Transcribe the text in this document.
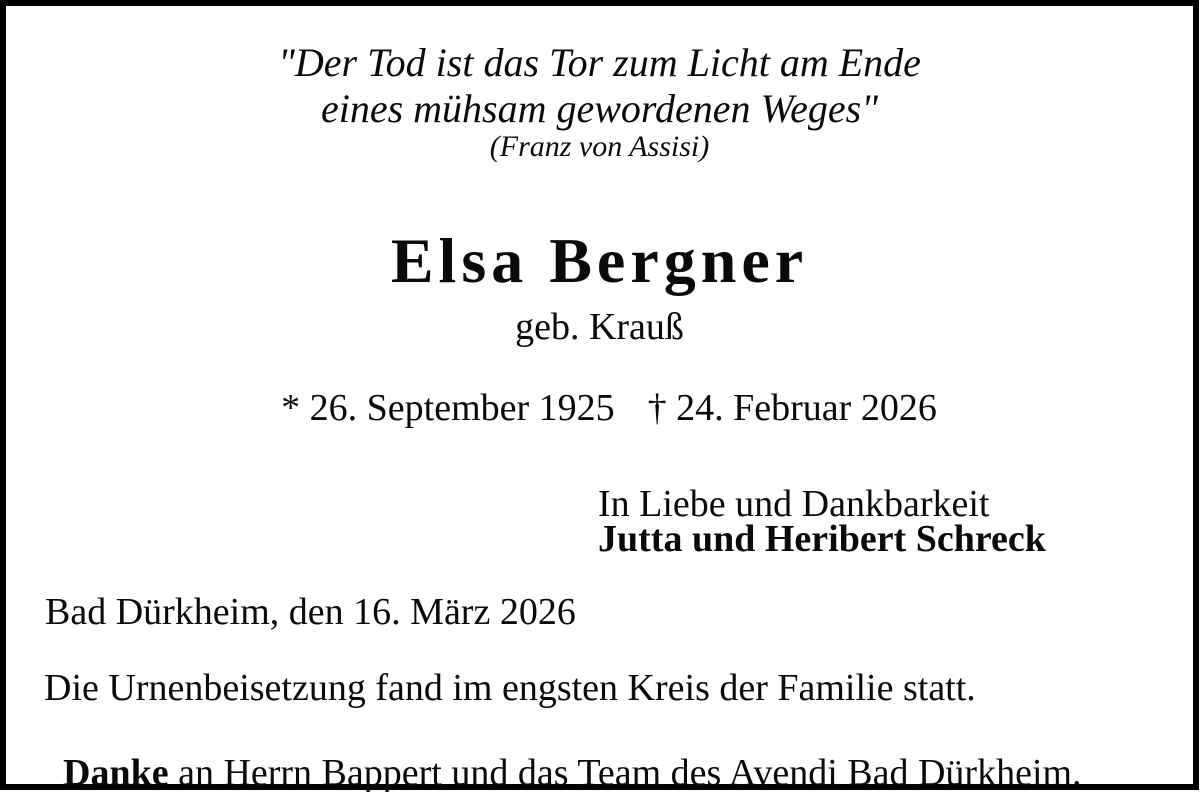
"Der Tod ist das Tor zum Licht am Ende
eines mühsam gewordenen Weges"
(Franz von Assisi)
Elsa Bergner
geb. Krauß

* 26. September 1925 † 24. Februar 2026

In Liebe und Dankbarkeit
Jutta und Heribert Schreck
Bad Dürkheim, den 16. März 2026
Die Urnenbeisetzung fand im engsten Kreis der Familie statt.

Danke an Herrn Bappert und das Team des Avendi Bad Dürkheim.
